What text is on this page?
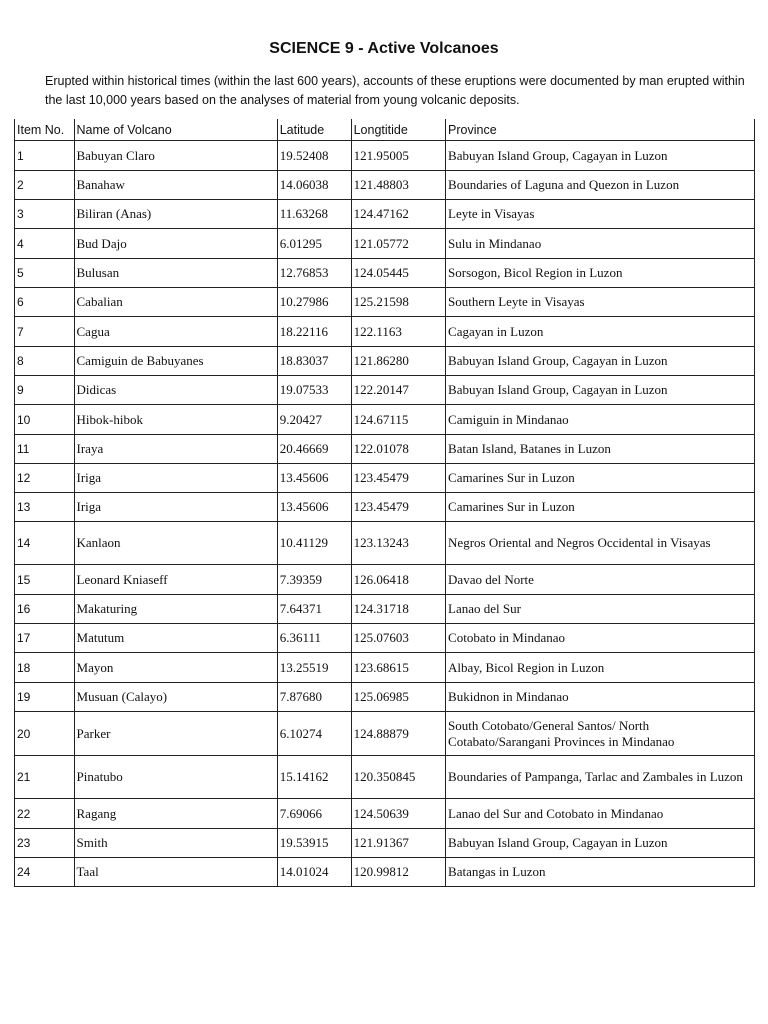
SCIENCE 9 - Active Volcanoes
Erupted within historical times (within the last 600 years), accounts of these eruptions were documented by man erupted within the last 10,000 years based on the analyses of material from young volcanic deposits.
Item No.	Name of Volcano	Latitude	Longtitide	Province
1	Babuyan Claro	19.52408	121.95005	Babuyan Island Group, Cagayan in Luzon
2	Banahaw	14.06038	121.48803	Boundaries of Laguna and Quezon in Luzon
3	Biliran (Anas)	11.63268	124.47162	Leyte in Visayas
4	Bud Dajo	6.01295	121.05772	Sulu in Mindanao
5	Bulusan	12.76853	124.05445	Sorsogon, Bicol Region in Luzon
6	Cabalian	10.27986	125.21598	Southern Leyte in Visayas
7	Cagua	18.22116	122.1163	Cagayan in Luzon
8	Camiguin de Babuyanes	18.83037	121.86280	Babuyan Island Group, Cagayan in Luzon
9	Didicas	19.07533	122.20147	Babuyan Island Group, Cagayan in Luzon
10	Hibok-hibok	9.20427	124.67115	Camiguin in Mindanao
11	Iraya	20.46669	122.01078	Batan Island, Batanes in Luzon
12	Iriga	13.45606	123.45479	Camarines Sur in Luzon
13	Iriga	13.45606	123.45479	Camarines Sur in Luzon
14	Kanlaon	10.41129	123.13243	Negros Oriental and Negros Occidental in Visayas
15	Leonard Kniaseff	7.39359	126.06418	Davao del Norte
16	Makaturing	7.64371	124.31718	Lanao del Sur
17	Matutum	6.36111	125.07603	Cotobato in Mindanao
18	Mayon	13.25519	123.68615	Albay, Bicol Region in Luzon
19	Musuan (Calayo)	7.87680	125.06985	Bukidnon in Mindanao
20	Parker	6.10274	124.88879	South Cotobato/General Santos/ North Cotabato/Sarangani Provinces in Mindanao
21	Pinatubo	15.14162	120.350845	Boundaries of Pampanga, Tarlac and Zambales in Luzon
22	Ragang	7.69066	124.50639	Lanao del Sur and Cotobato in Mindanao
23	Smith	19.53915	121.91367	Babuyan Island Group, Cagayan in Luzon
24	Taal	14.01024	120.99812	Batangas in Luzon
